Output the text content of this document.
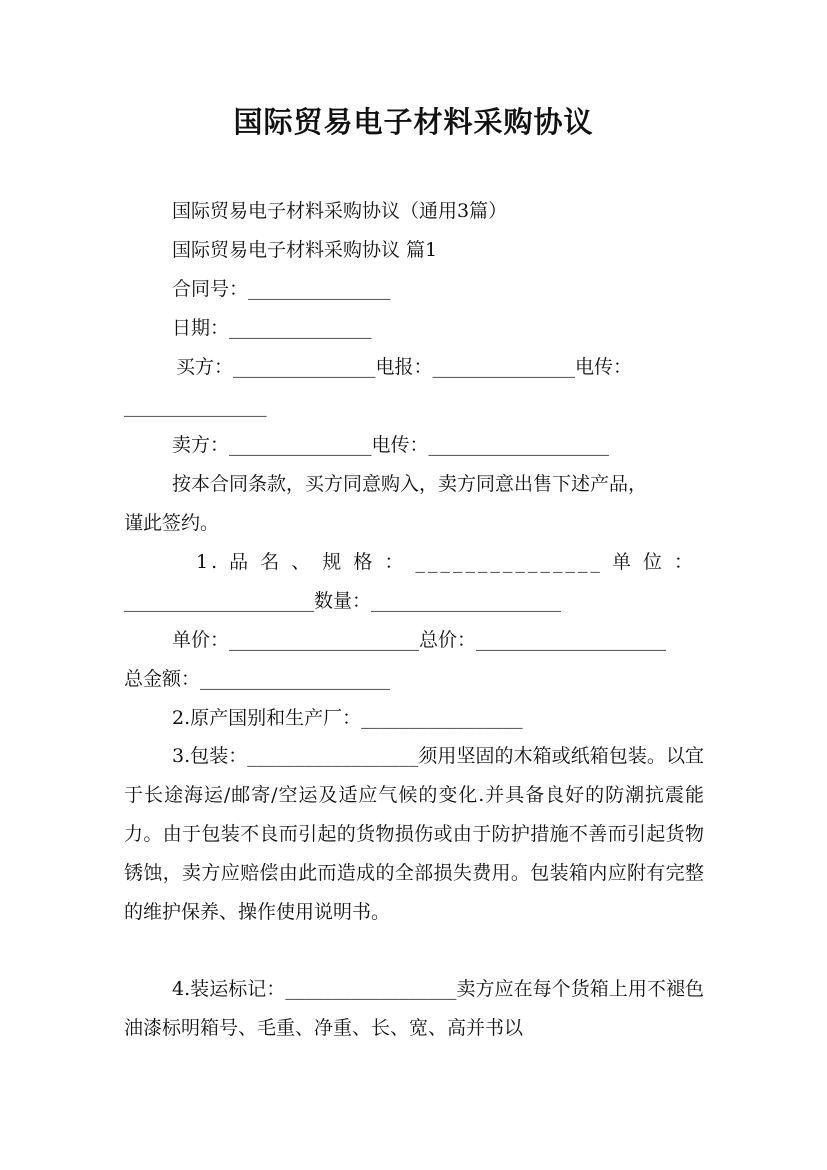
国际贸易电子材料采购协议

国际贸易电子材料采购协议（通用3篇）

国际贸易电子材料采购协议 篇1

合同号：_______________

日期：_______________

买方：_______________电报：_______________电传：

_______________

卖方：_______________电传：___________________

按本合同条款，买方同意购入，卖方同意出售下述产品，

谨此签约。

1. 品 名 、 规 格 ： _______________ 单 位 ：

____________________数量：____________________

单价：____________________总价：____________________

总金额：____________________

2.原产国别和生产厂：_________________

3.包装：__________________须用坚固的木箱或纸箱包装。以宜于长途海运/邮寄/空运及适应气候的变化.并具备良好的防潮抗震能力。由于包装不良而引起的货物损伤或由于防护措施不善而引起货物锈蚀，卖方应赔偿由此而造成的全部损失费用。包装箱内应附有完整的维护保养、操作使用说明书。

4.装运标记：__________________卖方应在每个货箱上用不褪色油漆标明箱号、毛重、净重、长、宽、高并书以
